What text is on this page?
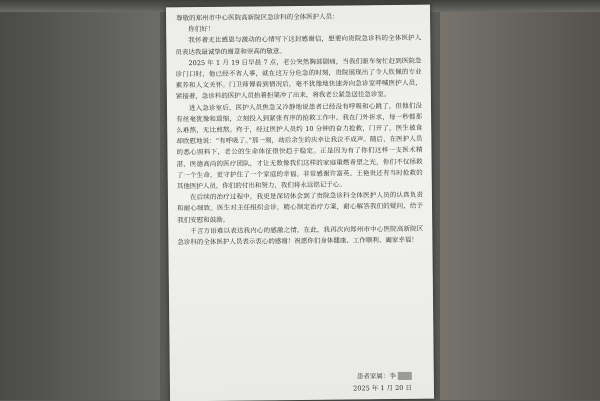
尊敬的郑州市中心医院高新院区急诊科的全体医护人员：

你们好！

我怀着无比感恩与激动的心情写下这封感谢信，想要向贵院急诊科的全体医护人员表达我最诚挚的谢意和崇高的敬意。

2025 年 1 月 19 日早晨 7 点，老公突然胸部剧痛，当我们驱车匆忙赶到医院急诊门口时，他已经不省人事，就在这万分危急的时刻，贵院展现出了令人钦佩的专业素养和人文关怀。门卫师傅看到情况后，毫不犹豫地快速奔向急诊室呼喊医护人员，紧接着，急诊科的医护人员抬着担架冲了出来，将我老公紧急送往急诊室。

进入急诊室后，医护人员焦急又冷静地说患者已经没有呼吸和心跳了，但他们没有丝毫犹豫和退缩，立刻投入到紧张有序的抢救工作中。我在门外祈求，每一秒都那么难熬，无比煎熬。终于，经过医护人员约 10 分钟的奋力抢救，门开了，医生被食却欣慰地说：“有呼吸了。”那一刻，劫后余生的庆幸让我泣不成声。随后，在医护人员的悉心照料下，老公的生命体征很快趋于稳定。正是因为有了你们这样一支医术精湛、医德高尚的医疗团队，才让无数像我们这样的家庭重燃希望之光，你们不仅拯救了一个生命，更守护住了一个家庭的幸福。非常感谢许富英、王艳贵还有当时抢救的其他医护人员，你们的付出和努力，我们将永远铭记于心。

在后续的治疗过程中，我更是深切体会到了贵院急诊科全体医护人员的认真负责和耐心细致。医生对主任组织会诊，精心制定治疗方案，耐心解答我们的疑问，给予我们安慰和鼓励。

千言万语难以表达我内心的感激之情，在此，我再次向郑州市中心医院高新院区急诊科的全体医护人员表示衷心的感谢！祝愿你们身体健康、工作顺利、阖家幸福！

患者家属：李
2025 年 1 月 20 日
